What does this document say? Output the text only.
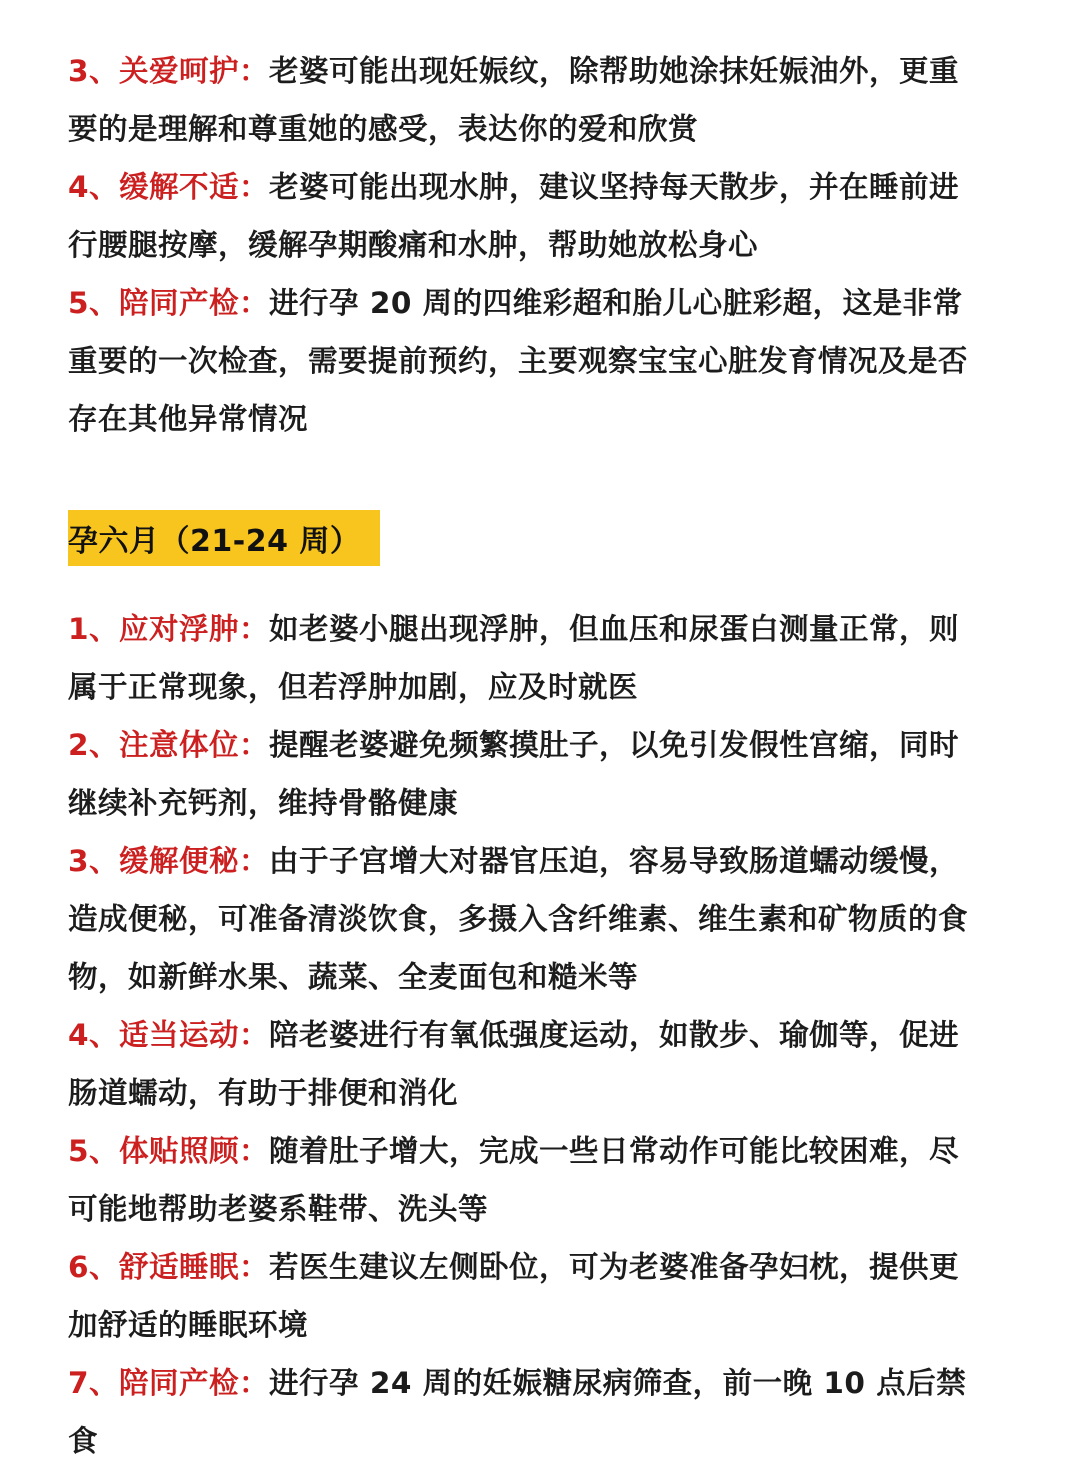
3、关爱呵护：老婆可能出现妊娠纹，除帮助她涂抹妊娠油外，更重要的是理解和尊重她的感受，表达你的爱和欣赏

4、缓解不适：老婆可能出现水肿，建议坚持每天散步，并在睡前进行腰腿按摩，缓解孕期酸痛和水肿，帮助她放松身心

5、陪同产检：进行孕 20 周的四维彩超和胎儿心脏彩超，这是非常重要的一次检查，需要提前预约，主要观察宝宝心脏发育情况及是否存在其他异常情况

孕六月（21-24 周）

1、应对浮肿：如老婆小腿出现浮肿，但血压和尿蛋白测量正常，则属于正常现象，但若浮肿加剧，应及时就医

2、注意体位：提醒老婆避免频繁摸肚子，以免引发假性宫缩，同时继续补充钙剂，维持骨骼健康

3、缓解便秘：由于子宫增大对器官压迫，容易导致肠道蠕动缓慢，造成便秘，可准备清淡饮食，多摄入含纤维素、维生素和矿物质的食物，如新鲜水果、蔬菜、全麦面包和糙米等

4、适当运动：陪老婆进行有氧低强度运动，如散步、瑜伽等，促进肠道蠕动，有助于排便和消化

5、体贴照顾：随着肚子增大，完成一些日常动作可能比较困难，尽可能地帮助老婆系鞋带、洗头等

6、舒适睡眠：若医生建议左侧卧位，可为老婆准备孕妇枕，提供更加舒适的睡眠环境

7、陪同产检：进行孕 24 周的妊娠糖尿病筛查，前一晚 10 点后禁食
